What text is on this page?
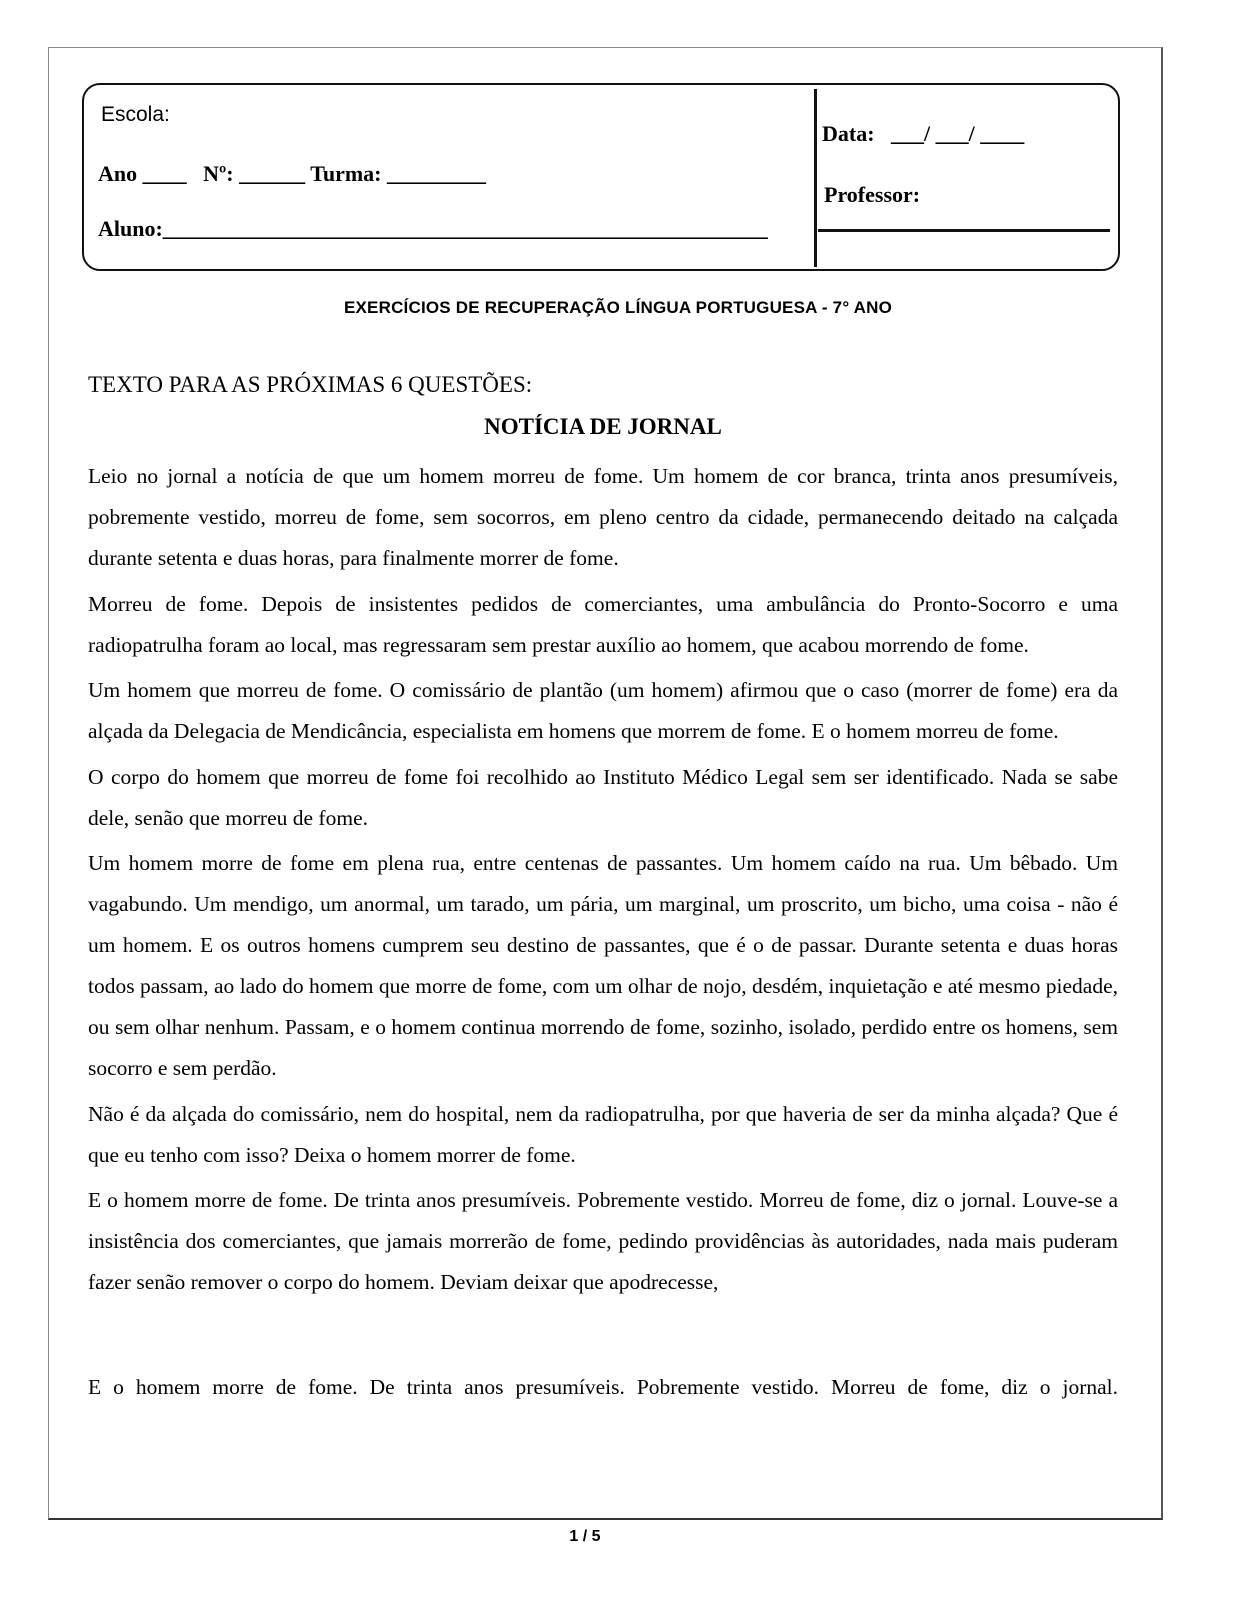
Escola:
Ano ____   Nº: ______ Turma: _________
Aluno:_______________________________________________________
Data:   ___/ ___/ ____
Professor:
EXERCÍCIOS DE RECUPERAÇÃO LÍNGUA PORTUGUESA - 7° ANO
TEXTO PARA AS PRÓXIMAS 6 QUESTÕES:
NOTÍCIA DE JORNAL

Leio no jornal a notícia de que um homem morreu de fome. Um homem de cor branca, trinta anos presumíveis, pobremente vestido, morreu de fome, sem socorros, em pleno centro da cidade, permanecendo deitado na calçada durante setenta e duas horas, para finalmente morrer de fome.

Morreu de fome. Depois de insistentes pedidos de comerciantes, uma ambulância do Pronto-Socorro e uma radiopatrulha foram ao local, mas regressaram sem prestar auxílio ao homem, que acabou morrendo de fome.

Um homem que morreu de fome. O comissário de plantão (um homem) afirmou que o caso (morrer de fome) era da alçada da Delegacia de Mendicância, especialista em homens que morrem de fome. E o homem morreu de fome.

O corpo do homem que morreu de fome foi recolhido ao Instituto Médico Legal sem ser identificado. Nada se sabe dele, senão que morreu de fome.

Um homem morre de fome em plena rua, entre centenas de passantes. Um homem caído na rua. Um bêbado. Um vagabundo. Um mendigo, um anormal, um tarado, um pária, um marginal, um proscrito, um bicho, uma coisa - não é um homem. E os outros homens cumprem seu destino de passantes, que é o de passar. Durante setenta e duas horas todos passam, ao lado do homem que morre de fome, com um olhar de nojo, desdém, inquietação e até mesmo piedade, ou sem olhar nenhum. Passam, e o homem continua morrendo de fome, sozinho, isolado, perdido entre os homens, sem socorro e sem perdão.

Não é da alçada do comissário, nem do hospital, nem da radiopatrulha, por que haveria de ser da minha alçada? Que é que eu tenho com isso? Deixa o homem morrer de fome.

E o homem morre de fome. De trinta anos presumíveis. Pobremente vestido. Morreu de fome, diz o jornal. Louve-se a insistência dos comerciantes, que jamais morrerão de fome, pedindo providências às autoridades, nada mais puderam fazer senão remover o corpo do homem. Deviam deixar que apodrecesse,

E o homem morre de fome. De trinta anos presumíveis. Pobremente vestido. Morreu de fome, diz o jornal.
1 / 5
